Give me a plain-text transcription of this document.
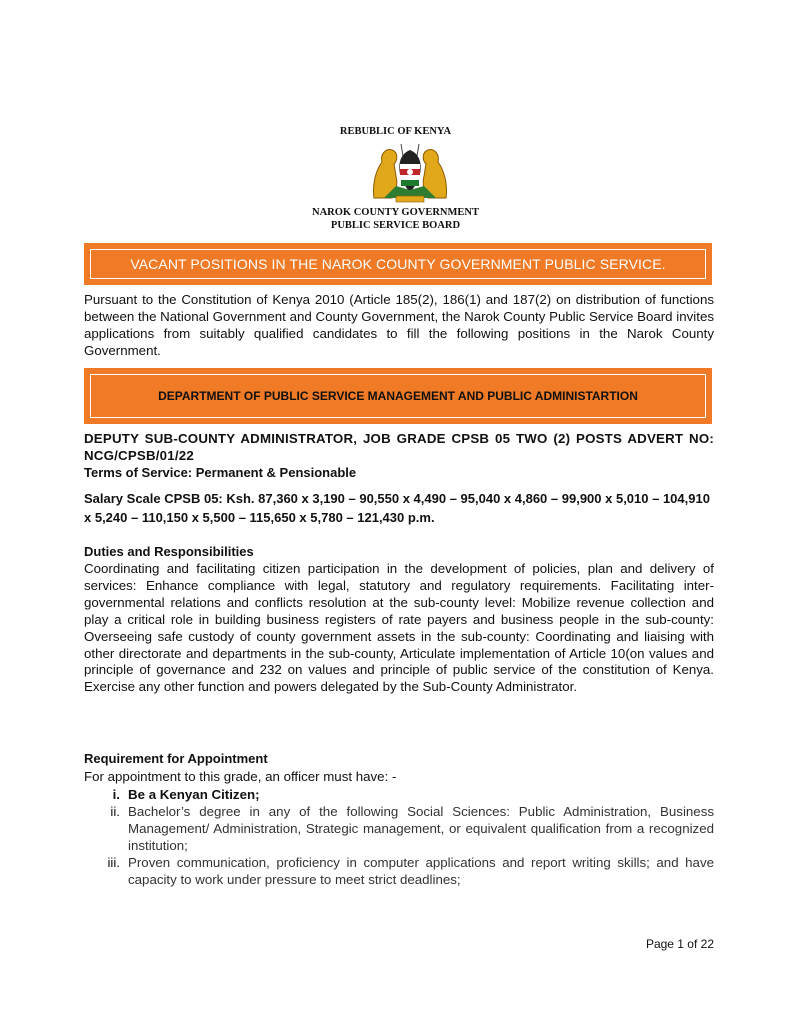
REBUBLIC OF KENYA
NAROK COUNTY GOVERNMENT
PUBLIC SERVICE BOARD
VACANT POSITIONS IN THE NAROK COUNTY GOVERNMENT PUBLIC SERVICE.
Pursuant to the Constitution of Kenya 2010 (Article 185(2), 186(1) and 187(2) on distribution of functions between the National Government and County Government, the Narok County Public Service Board invites applications from suitably qualified candidates to fill the following positions in the Narok County Government.
DEPARTMENT OF PUBLIC SERVICE MANAGEMENT AND PUBLIC ADMINISTARTION
DEPUTY SUB-COUNTY ADMINISTRATOR, JOB GRADE CPSB 05 TWO (2) POSTS ADVERT NO: NCG/CPSB/01/22
Terms of Service: Permanent & Pensionable
Salary Scale CPSB 05: Ksh. 87,360 x 3,190 – 90,550 x 4,490 – 95,040 x 4,860 – 99,900 x 5,010 – 104,910 x 5,240 – 110,150 x 5,500 – 115,650 x 5,780 – 121,430 p.m.
Duties and Responsibilities
Coordinating and facilitating citizen participation in the development of policies, plan and delivery of services: Enhance compliance with legal, statutory and regulatory requirements. Facilitating inter-governmental relations and conflicts resolution at the sub-county level: Mobilize revenue collection and play a critical role in building business registers of rate payers and business people in the sub-county: Overseeing safe custody of county government assets in the sub-county: Coordinating and liaising with other directorate and departments in the sub-county, Articulate implementation of Article 10(on values and principle of governance and 232 on values and principle of public service of the constitution of Kenya. Exercise any other function and powers delegated by the Sub-County Administrator.
Requirement for Appointment
For appointment to this grade, an officer must have: -
i. Be a Kenyan Citizen;
ii. Bachelor’s degree in any of the following Social Sciences: Public Administration, Business Management/ Administration, Strategic management, or equivalent qualification from a recognized institution;
iii. Proven communication, proficiency in computer applications and report writing skills; and have capacity to work under pressure to meet strict deadlines;
Page 1 of 22
